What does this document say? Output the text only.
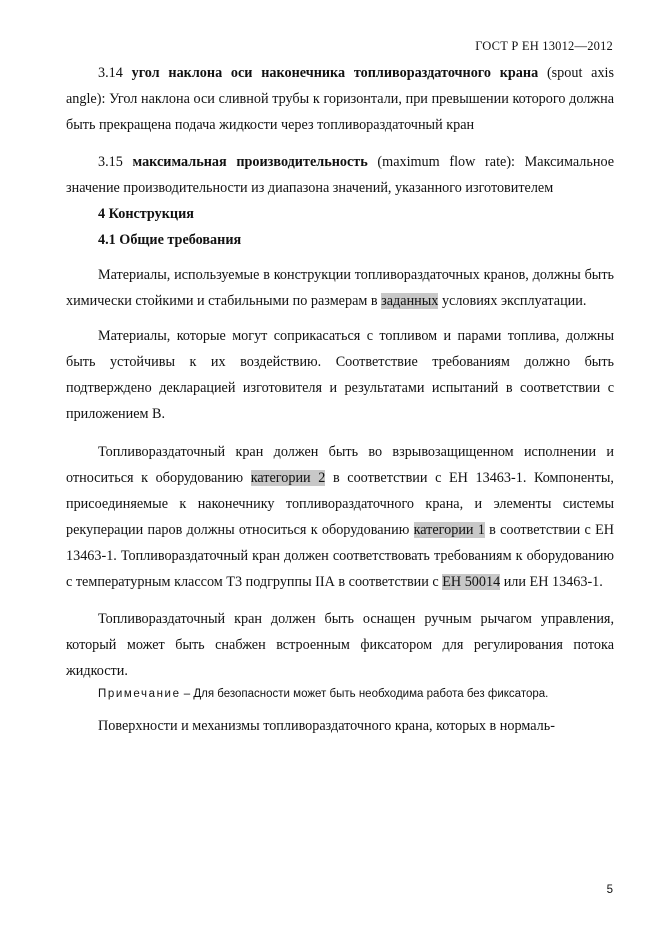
ГОСТ Р ЕН 13012—2012

3.14 угол наклона оси наконечника топливораздаточного крана (spout axis angle): Угол наклона оси сливной трубы к горизонтали, при превышении которого должна быть прекращена подача жидкости через топливораздаточный кран

3.15 максимальная производительность (maximum flow rate): Максимальное значение производительности из диапазона значений, указанного изготовителем

4 Конструкция

4.1 Общие требования

Материалы, используемые в конструкции топливораздаточных кранов, должны быть химически стойкими и стабильными по размерам в заданных условиях эксплуатации.

Материалы, которые могут соприкасаться с топливом и парами топлива, должны быть устойчивы к их воздействию. Соответствие требованиям должно быть подтверждено декларацией изготовителя и результатами испытаний в соответствии с приложением В.

Топливораздаточный кран должен быть во взрывозащищенном исполнении и относиться к оборудованию категории 2 в соответствии с ЕН 13463-1. Компоненты, присоединяемые к наконечнику топливораздаточного крана, и элементы системы рекуперации паров должны относиться к оборудованию категории 1 в соответствии с ЕН 13463-1. Топливораздаточный кран должен соответствовать требованиям к оборудованию с температурным классом Т3 подгруппы IIА в соответствии с ЕН 50014 или ЕН 13463-1.

Топливораздаточный кран должен быть оснащен ручным рычагом управления, который может быть снабжен встроенным фиксатором для регулирования потока жидкости.

Примечание – Для безопасности может быть необходима работа без фиксатора.

Поверхности и механизмы топливораздаточного крана, которых в нормаль-

5
